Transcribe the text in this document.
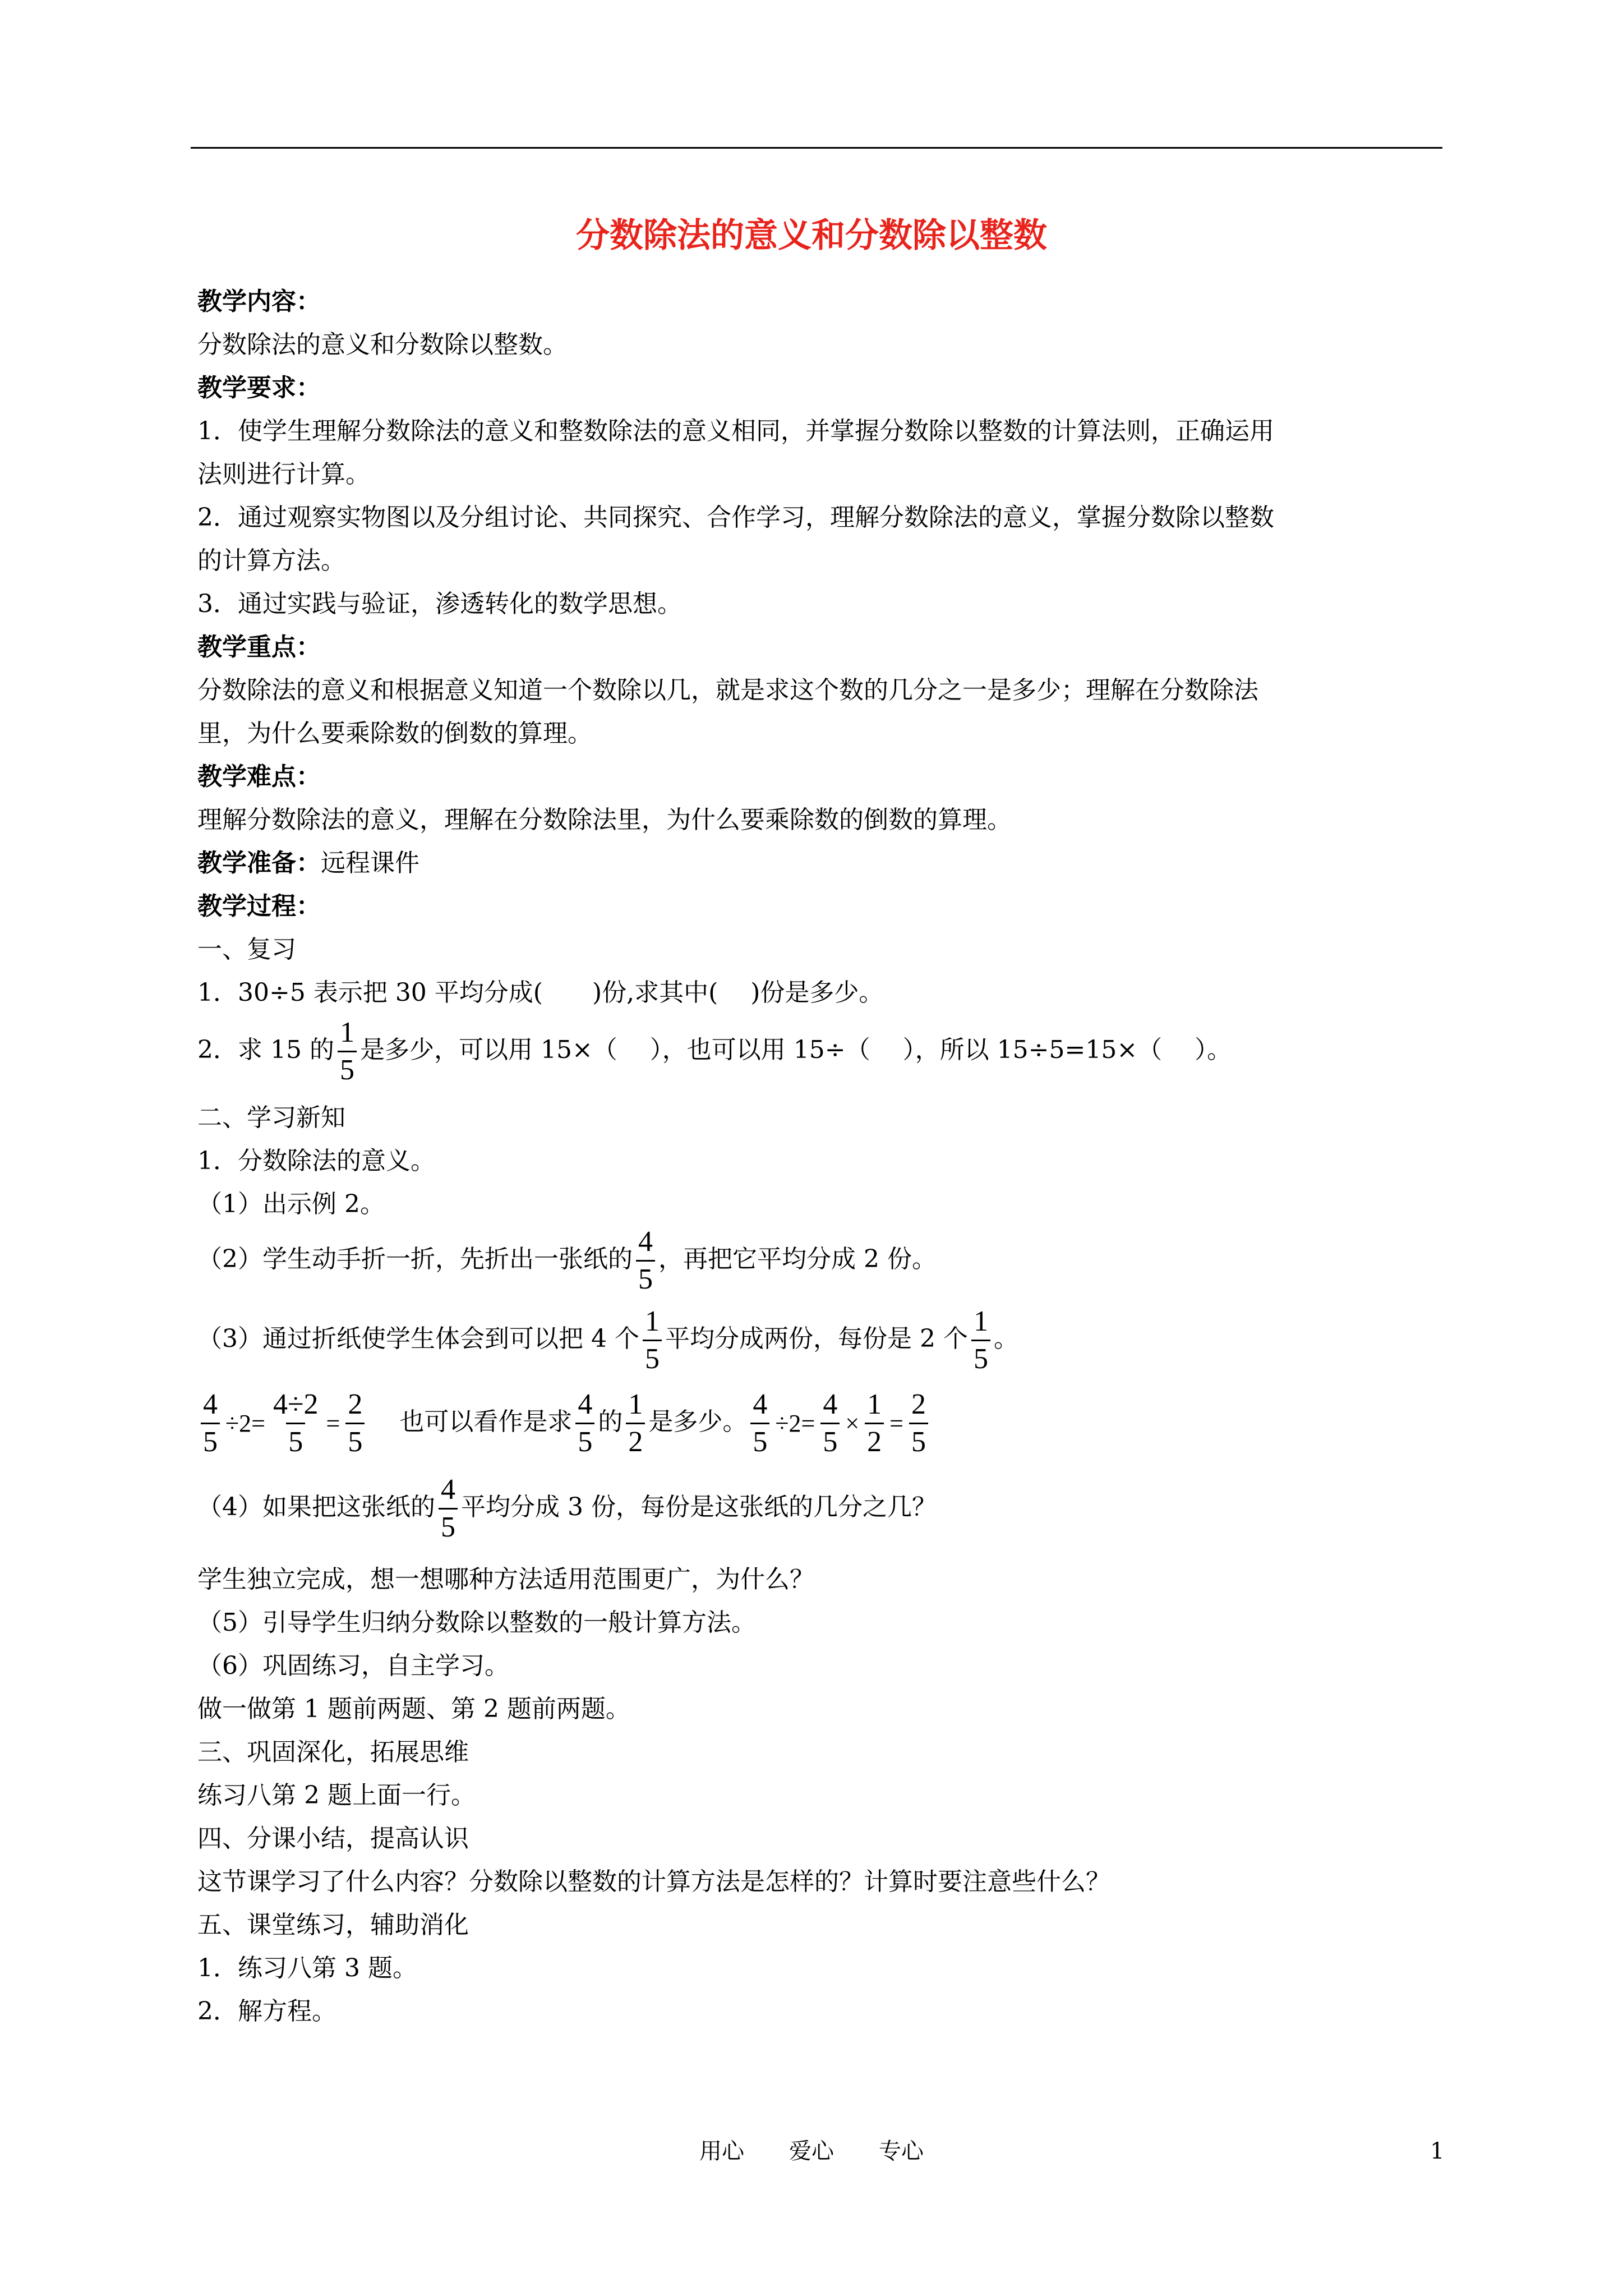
分数除法的意义和分数除以整数
教学内容：
分数除法的意义和分数除以整数。
教学要求：
1．使学生理解分数除法的意义和整数除法的意义相同，并掌握分数除以整数的计算法则，正确运用
法则进行计算。
2．通过观察实物图以及分组讨论、共同探究、合作学习，理解分数除法的意义，掌握分数除以整数
的计算方法。
3．通过实践与验证，渗透转化的数学思想。
教学重点：
分数除法的意义和根据意义知道一个数除以几，就是求这个数的几分之一是多少；理解在分数除法
里，为什么要乘除数的倒数的算理。
教学难点：
理解分数除法的意义，理解在分数除法里，为什么要乘除数的倒数的算理。
教学准备：远程课件
教学过程：
一、复习
1．30÷5 表示把 30 平均分成(　　)份,求其中(　 )份是多少。
2．求 15 的 $\frac{1}{5}$ 是多少，可以用 15×（　 ），也可以用 15÷（　 ），所以 15÷5=15×（　 ）。
二、学习新知
1．分数除法的意义。
（1）出示例 2。
（2）学生动手折一折，先折出一张纸的 $\frac{4}{5}$ ，再把它平均分成 2 份。
（3）通过折纸使学生体会到可以把 4 个 $\frac{1}{5}$ 平均分成两份，每份是 2 个 $\frac{1}{5}$ 。
$\frac{4}{5} \div 2= \frac{4\div 2}{5} = \frac{2}{5}$ 也可以看作是求 $\frac{4}{5}$ 的 $\frac{1}{2}$ 是多少。 $\frac{4}{5} \div 2= \frac{4}{5} \times \frac{1}{2} = \frac{2}{5}$
（4）如果把这张纸的 $\frac{4}{5}$ 平均分成 3 份，每份是这张纸的几分之几？
学生独立完成，想一想哪种方法适用范围更广，为什么？
（5）引导学生归纳分数除以整数的一般计算方法。
（6）巩固练习，自主学习。
做一做第 1 题前两题、第 2 题前两题。
三、巩固深化，拓展思维
练习八第 2 题上面一行。
四、分课小结，提高认识
这节课学习了什么内容？分数除以整数的计算方法是怎样的？计算时要注意些什么？
五、课堂练习，辅助消化
1．练习八第 3 题。
2．解方程。
用心　　爱心　　专心	1
